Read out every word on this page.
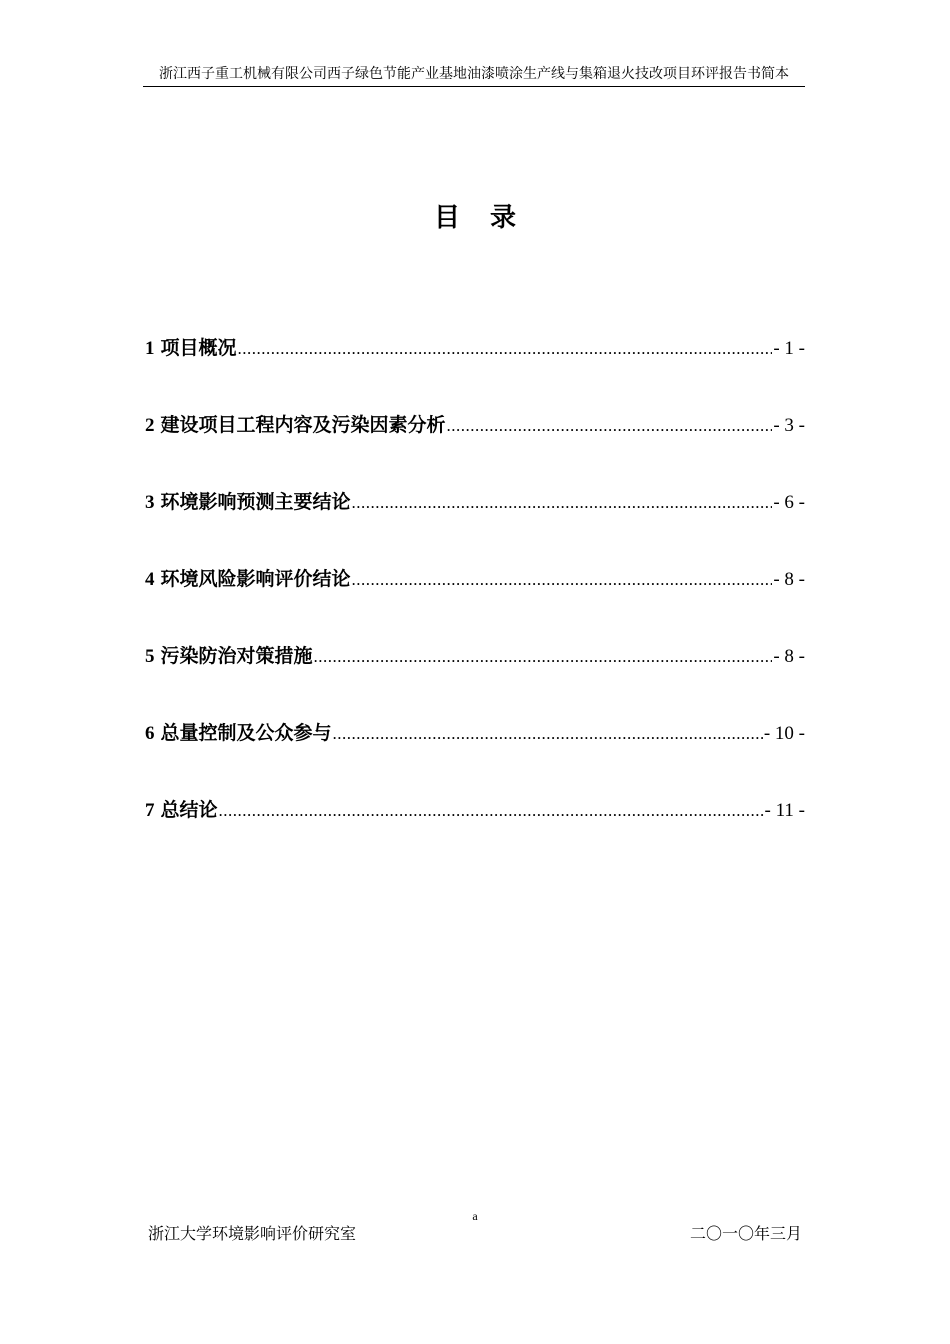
浙江西子重工机械有限公司西子绿色节能产业基地油漆喷涂生产线与集箱退火技改项目环评报告书简本
目录
1 项目概况 .....	- 1 -
2 建设项目工程内容及污染因素分析 .....	- 3 -
3 环境影响预测主要结论 .....	- 6 -
4 环境风险影响评价结论 .....	- 8 -
5 污染防治对策措施 .....	- 8 -
6 总量控制及公众参与 .....	- 10 -
7 总结论 .....	- 11 -
a
浙江大学环境影响评价研究室	二〇一〇年三月
